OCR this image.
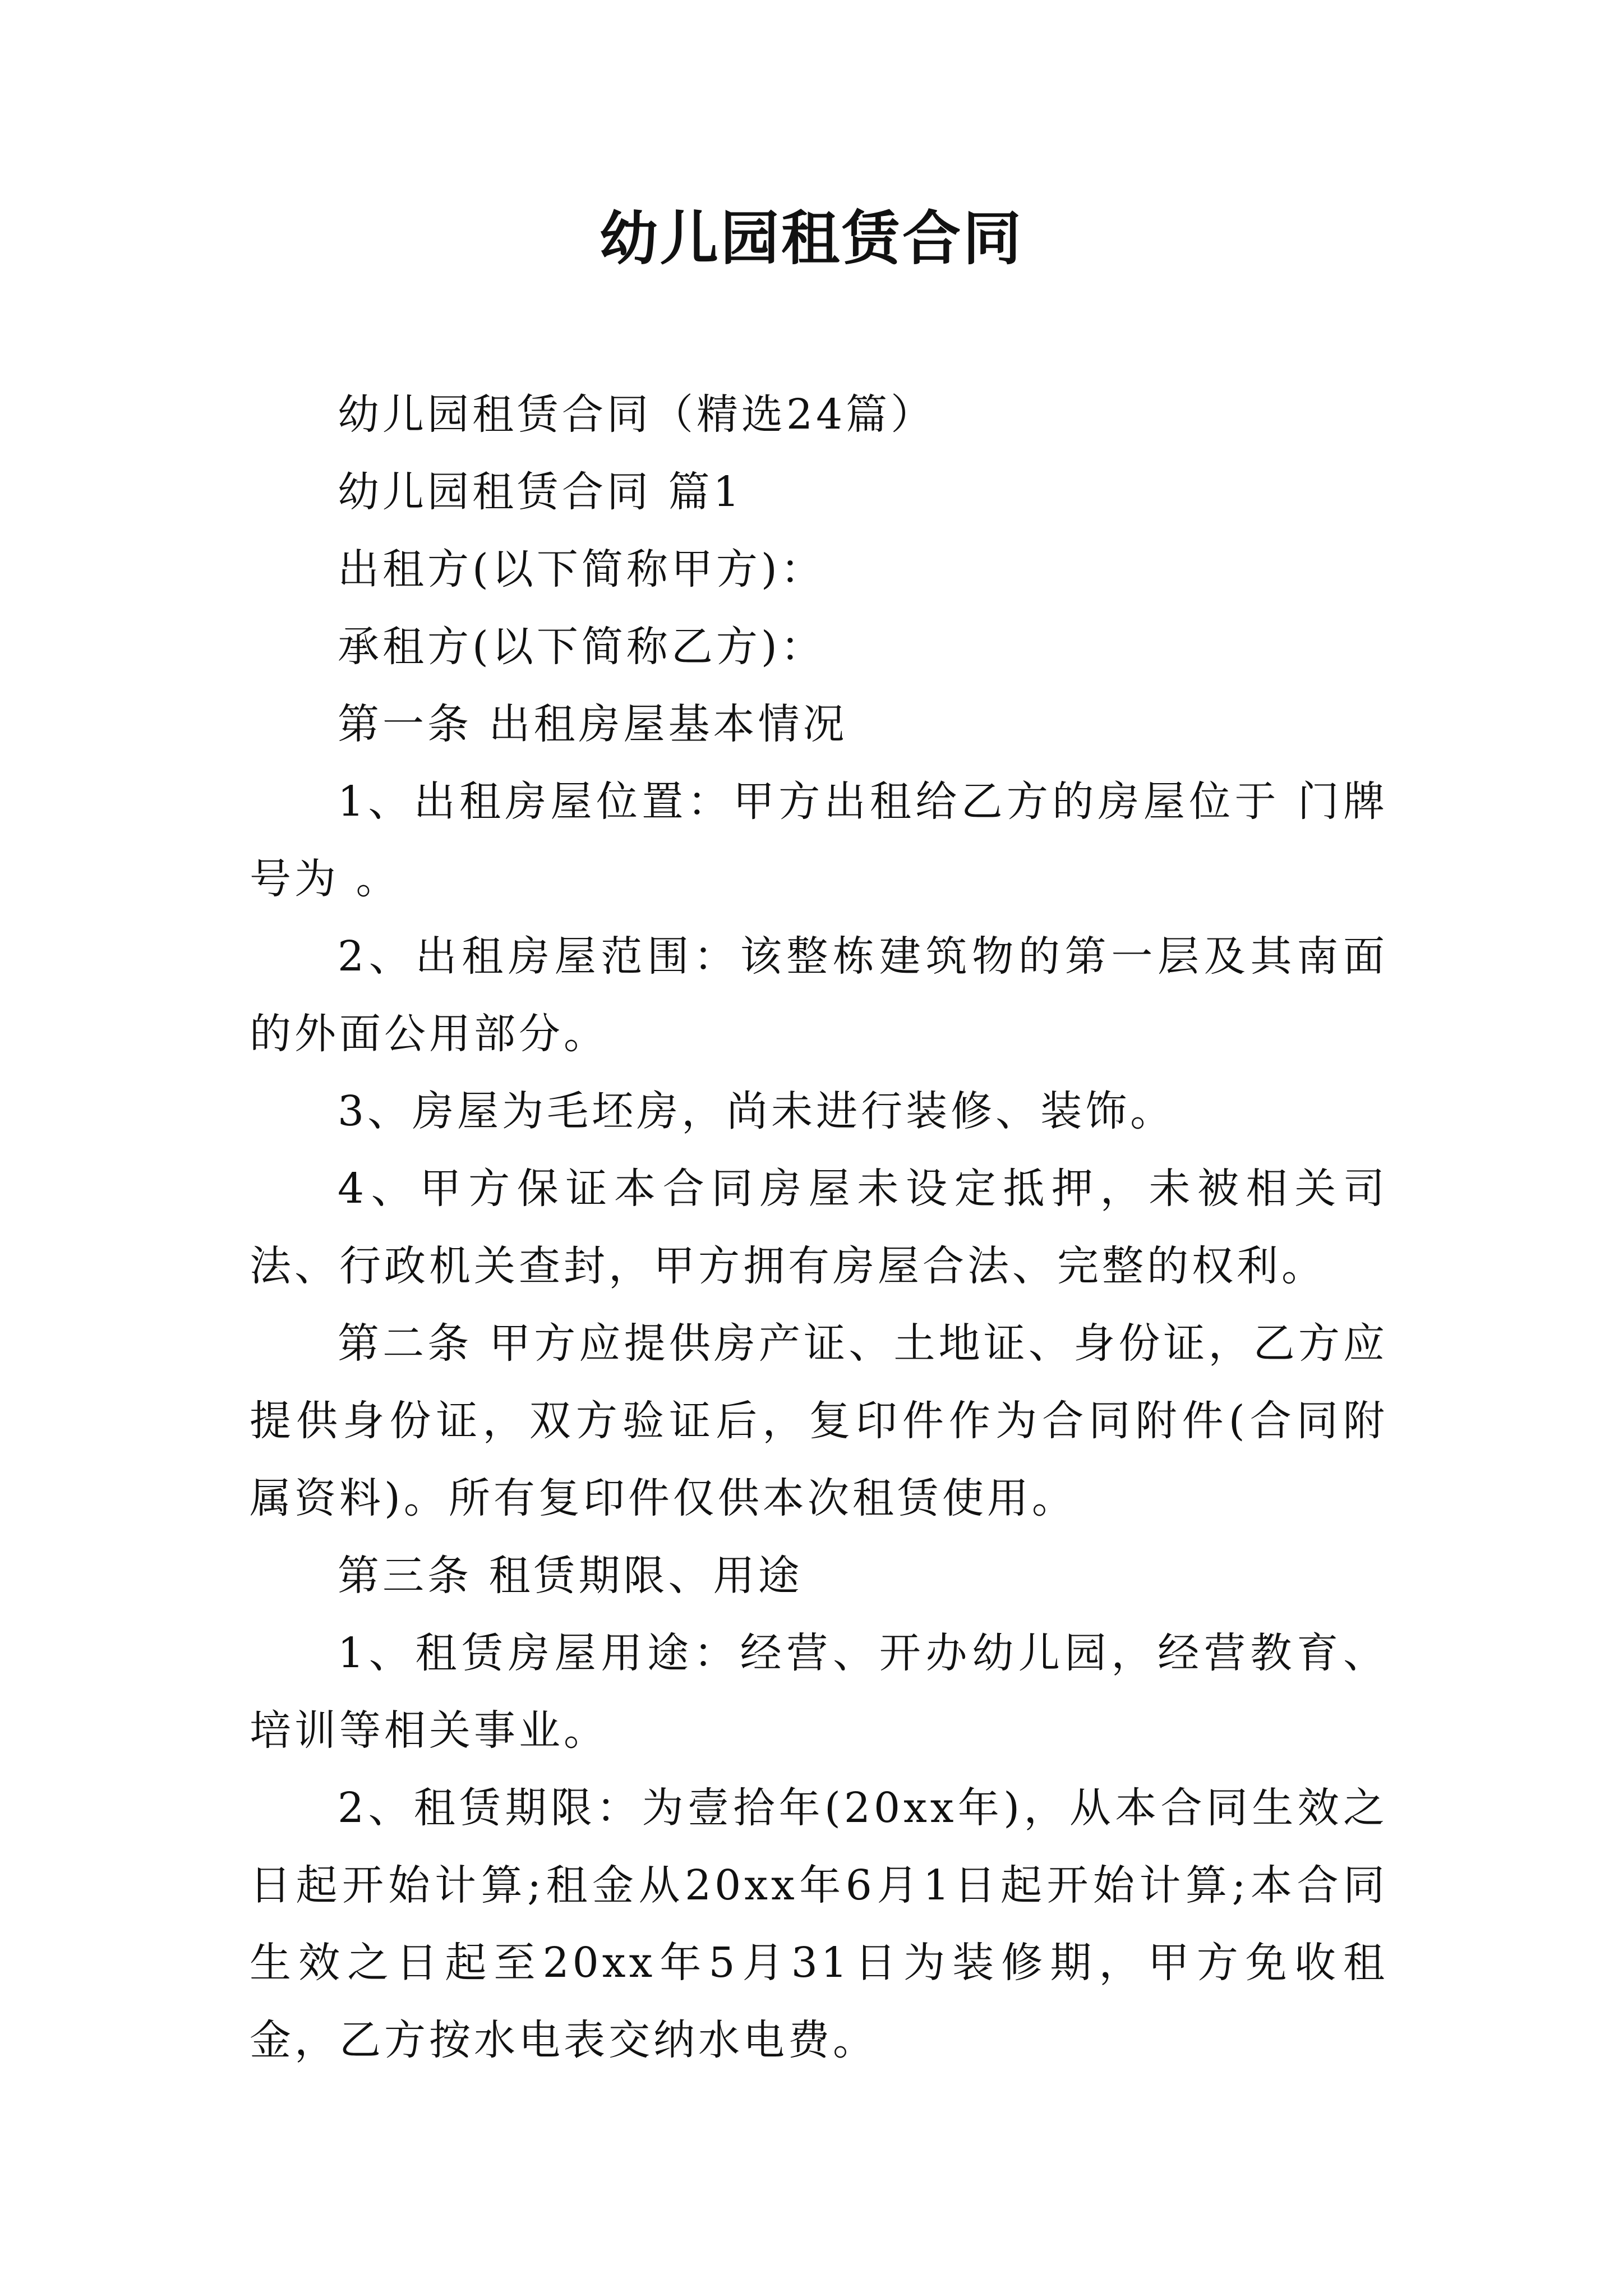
幼儿园租赁合同

幼儿园租赁合同（精选24篇）

幼儿园租赁合同 篇1

出租方(以下简称甲方)：

承租方(以下简称乙方)：

第一条 出租房屋基本情况

1、出租房屋位置：甲方出租给乙方的房屋位于 门牌号为 。

2、出租房屋范围：该整栋建筑物的第一层及其南面的外面公用部分。

3、房屋为毛坯房，尚未进行装修、装饰。

4、甲方保证本合同房屋未设定抵押，未被相关司法、行政机关查封，甲方拥有房屋合法、完整的权利。

第二条 甲方应提供房产证、土地证、身份证，乙方应提供身份证，双方验证后，复印件作为合同附件(合同附属资料)。所有复印件仅供本次租赁使用。

第三条 租赁期限、用途

1、租赁房屋用途：经营、开办幼儿园，经营教育、培训等相关事业。

2、租赁期限：为壹拾年(20xx年)，从本合同生效之日起开始计算;租金从20xx年6月1日起开始计算;本合同生效之日起至20xx年5月31日为装修期，甲方免收租金，乙方按水电表交纳水电费。
